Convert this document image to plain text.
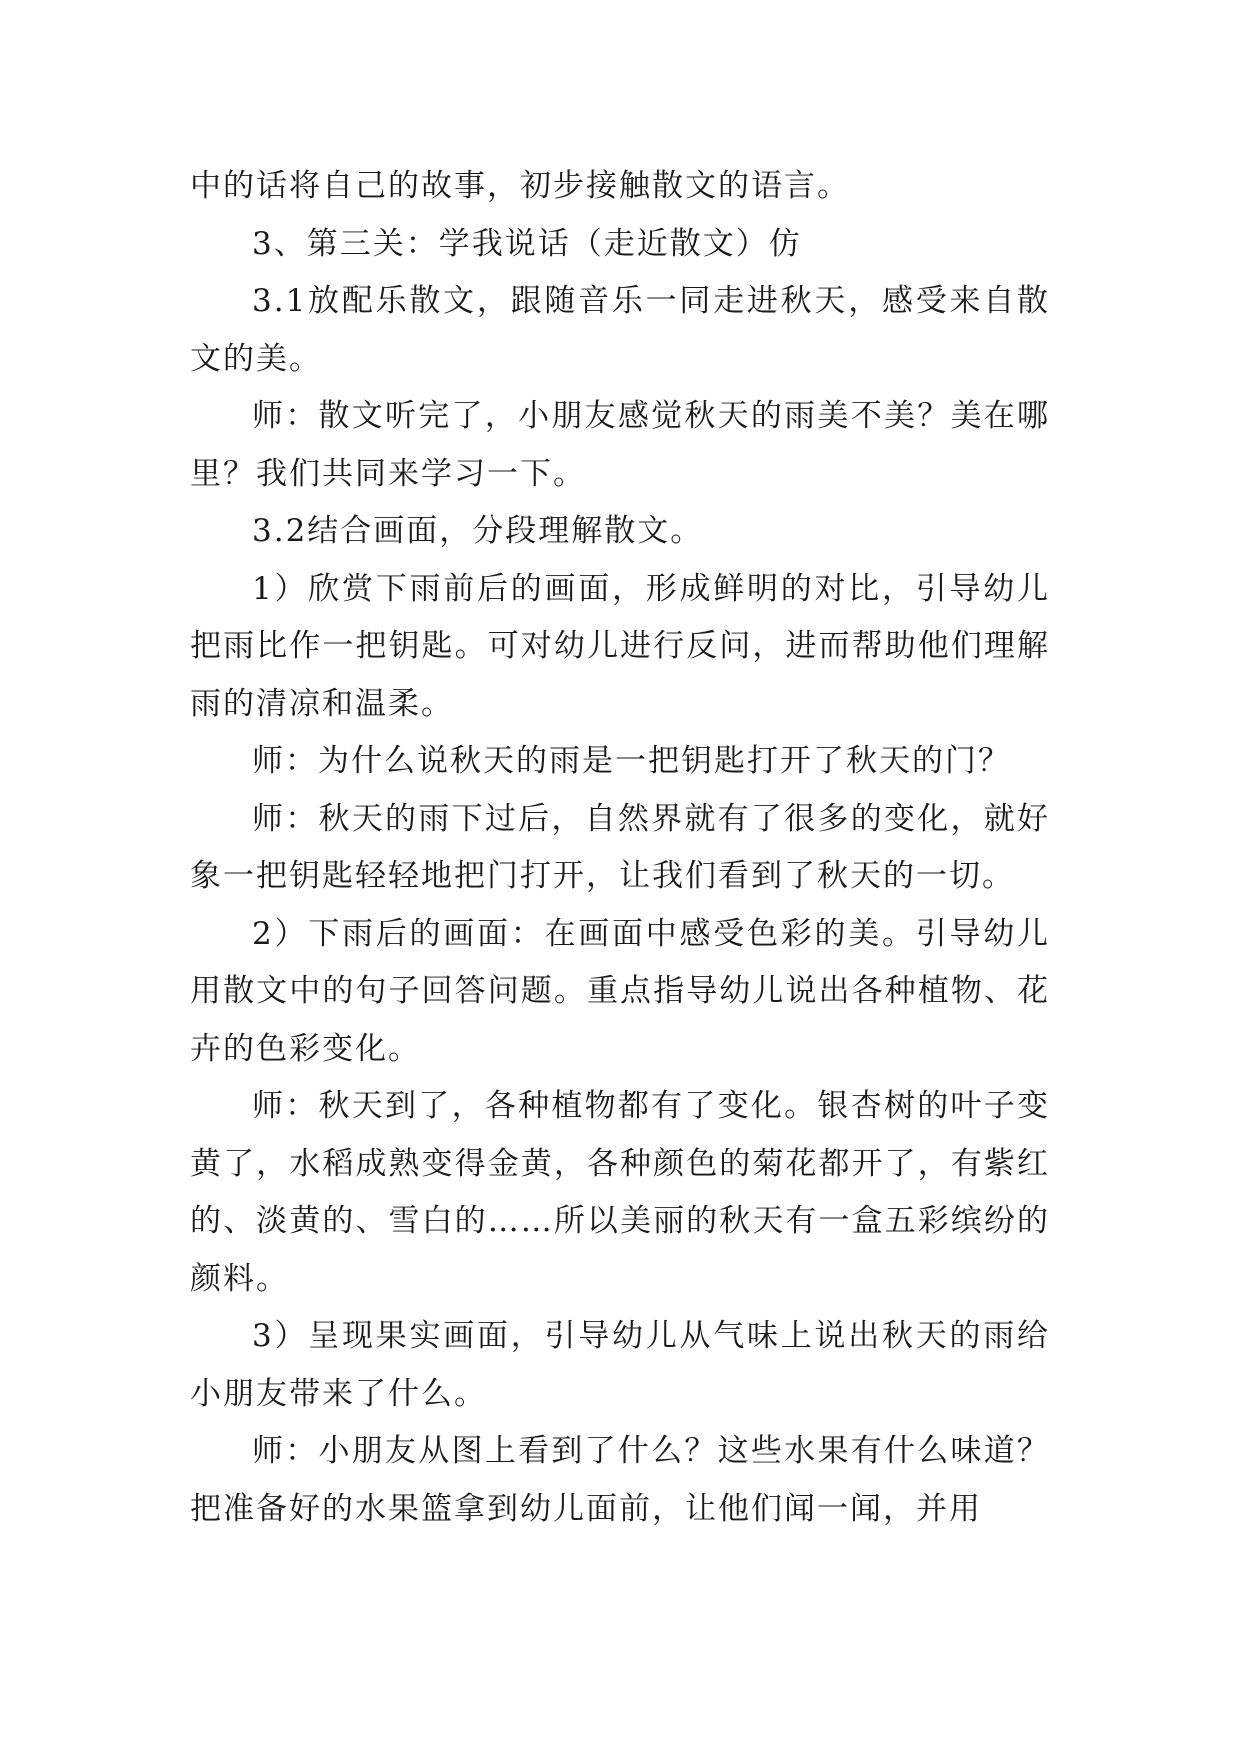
中的话将自己的故事，初步接触散文的语言。

3、第三关：学我说话（走近散文）仿

3.1放配乐散文，跟随音乐一同走进秋天，感受来自散文的美。

师：散文听完了，小朋友感觉秋天的雨美不美？美在哪里？我们共同来学习一下。

3.2结合画面，分段理解散文。

1）欣赏下雨前后的画面，形成鲜明的对比，引导幼儿把雨比作一把钥匙。可对幼儿进行反问，进而帮助他们理解雨的清凉和温柔。

师：为什么说秋天的雨是一把钥匙打开了秋天的门？

师：秋天的雨下过后，自然界就有了很多的变化，就好象一把钥匙轻轻地把门打开，让我们看到了秋天的一切。

2）下雨后的画面：在画面中感受色彩的美。引导幼儿用散文中的句子回答问题。重点指导幼儿说出各种植物、花卉的色彩变化。

师：秋天到了，各种植物都有了变化。银杏树的叶子变黄了，水稻成熟变得金黄，各种颜色的菊花都开了，有紫红的、淡黄的、雪白的……所以美丽的秋天有一盒五彩缤纷的颜料。

3）呈现果实画面，引导幼儿从气味上说出秋天的雨给小朋友带来了什么。

师：小朋友从图上看到了什么？这些水果有什么味道？把准备好的水果篮拿到幼儿面前，让他们闻一闻，并用
